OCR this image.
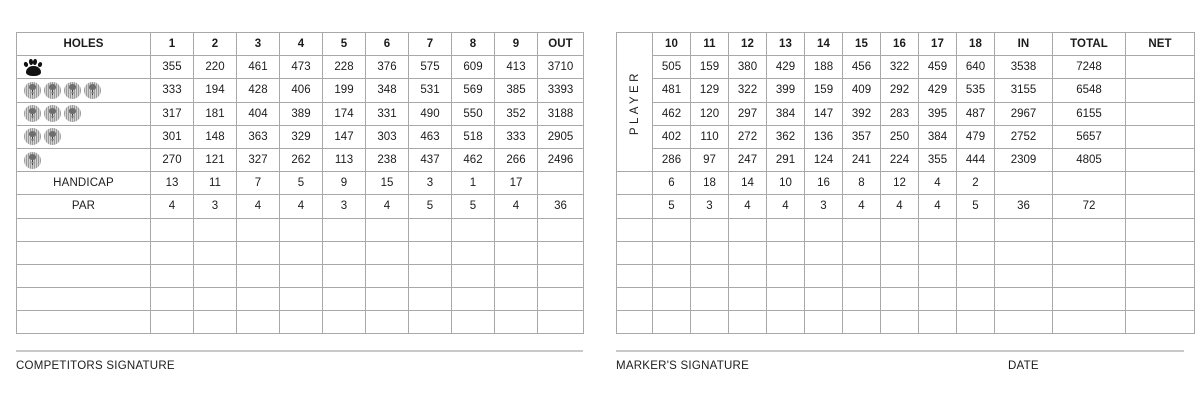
HOLES	1	2	3	4	5	6	7	8	9	OUT

	355	220	461	473	228	376	575	609	413	3710

	333	194	428	406	199	348	531	569	385	3393

	317	181	404	389	174	331	490	550	352	3188

	301	148	363	329	147	303	463	518	333	2905

	270	121	327	262	113	238	437	462	266	2496
HANDICAP	13	11	7	5	9	15	3	1	17	
PAR	4	3	4	4	3	4	5	5	4	36

PLAYER	10	11	12	13	14	15	16	17	18	IN	TOTAL	NET
	505	159	380	429	188	456	322	459	640	3538	7248	
	481	129	322	399	159	409	292	429	535	3155	6548	
	462	120	297	384	147	392	283	395	487	2967	6155	
	402	110	272	362	136	357	250	384	479	2752	5657	
	286	97	247	291	124	241	224	355	444	2309	4805	
	6	18	14	10	16	8	12	4	2			
	5	3	4	4	3	4	4	4	5	36	72	

COMPETITORS SIGNATURE	MARKER'S SIGNATURE	DATE
